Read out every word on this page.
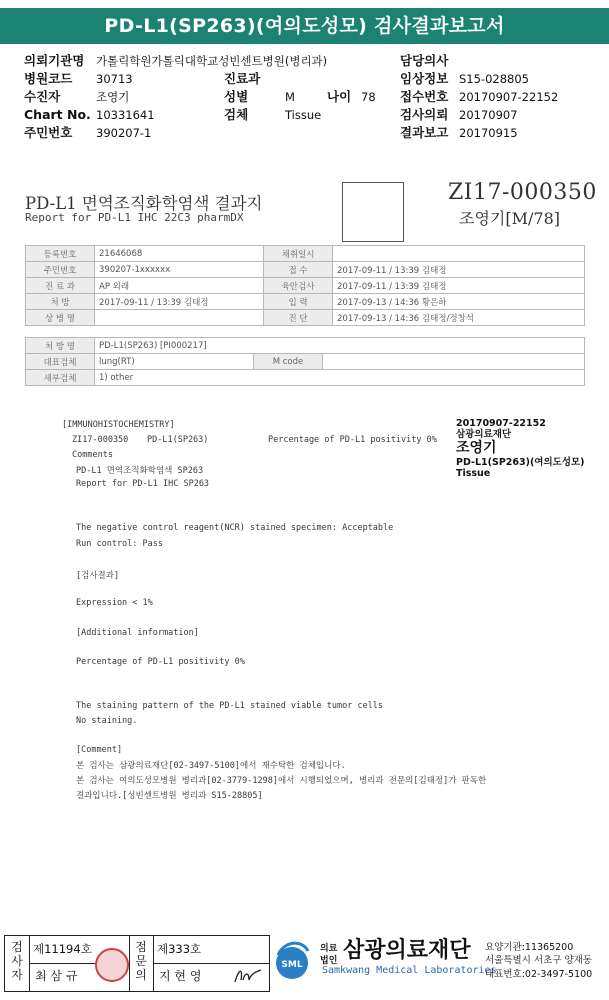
PD-L1(SP263)(여의도성모) 검사결과보고서
의뢰기관명 가톨릭학원가톨릭대학교성빈센트병원(병리과)	담당의사
병원코드 30713	진료과	임상정보 S15-028805
수진자	조영기	성별	M	나이 78 접수번호 20170907-22152
Chart No. 10331641	검체	Tissue	검사의뢰 20170907
주민번호 390207-1	결과보고 20170915
PD-L1 면역조직화학염색 결과지
Report for PD-L1 IHC 22C3 pharmDX
ZI17-000350
조영기[M/78]
등록번호	21646068	채취일시	
주민번호	390207-1xxxxxx	접 수	2017-09-11 / 13:39 김태정
진 료 과	AP 외래	육안검사	2017-09-11 / 13:39 김태정
처 방	2017-09-11 / 13:39 김태정	입 력	2017-09-13 / 14:36 황은하
상 병 명		진 단	2017-09-13 / 14:36 김태정/정창석
처 방 명	PD-L1(SP263) [PI000217]		
대표검체	lung(RT)	M code	
세부검체	1) other		
[IMMUNOHISTOCHEMISTRY]
ZI17-000350 PD-L1(SP263)	Percentage of PD-L1 positivity 0%
Comments
PD-L1 면역조직화학염색 SP263
Report for PD-L1 IHC SP263
The negative control reagent(NCR) stained specimen: Acceptable
Run control: Pass
[검사결과]
Expression < 1%
[Additional information]
Percentage of PD-L1 positivity 0%
The staining pattern of the PD-L1 stained viable tumor cells
No staining.
[Comment]
본 검사는 삼광의료재단[02-3497-5100]에서 재수탁한 검체입니다.
본 검사는 여의도성모병원 병리과[02-3779-1298]에서 시행되었으며, 병리과 전문의[김태정]가 판독한
결과입니다.[성빈센트병원 병리과 S15-28805]
20170907-22152
삼광의료재단
조영기
PD-L1(SP263)(여의도성모)
Tissue
검사자
제11194호
최 삼 규
점문의
제333호
지 현 영
SML
의료
법인 삼광의료재단
Samkwang Medical Laboratories
요양기관:11365200
서울특별시 서초구 양재동
대표번호:02-3497-5100
